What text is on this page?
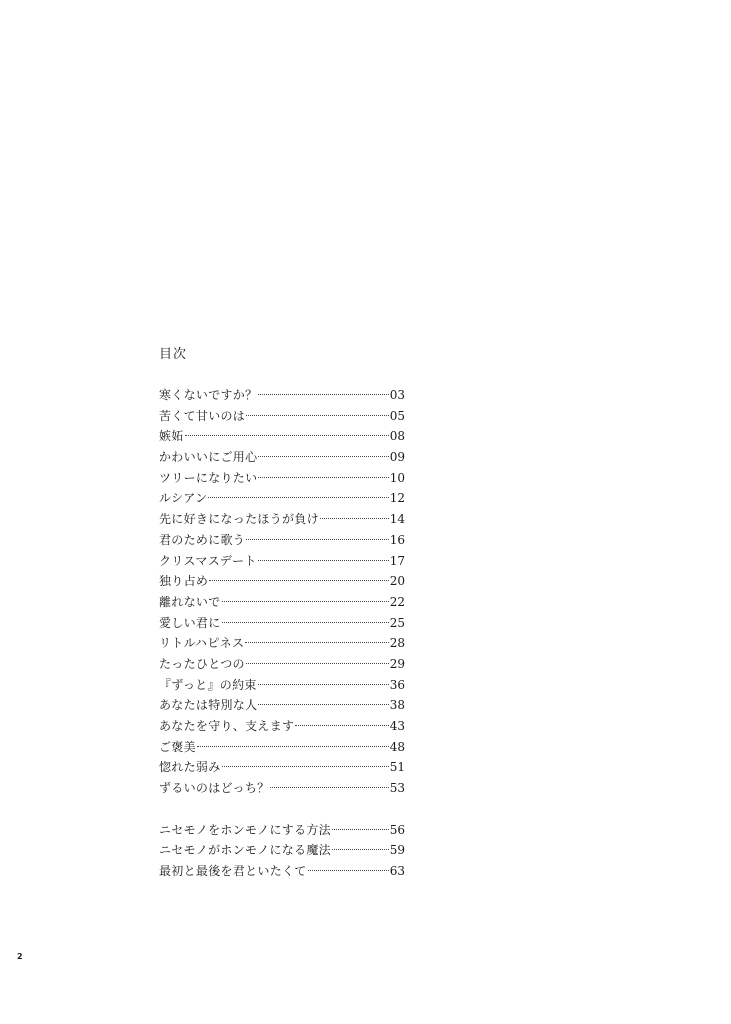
目次
寒くないですか？	03
苦くて甘いのは	05
嫉妬	08
かわいいにご用心	09
ツリーになりたい	10
ルシアン	12
先に好きになったほうが負け	14
君のために歌う	16
クリスマスデート	17
独り占め	20
離れないで	22
愛しい君に	25
リトルハピネス	28
たったひとつの	29
『ずっと』の約束	36
あなたは特別な人	38
あなたを守り、支えます	43
ご褒美	48
惚れた弱み	51
ずるいのはどっち？	53
ニセモノをホンモノにする方法	56
ニセモノがホンモノになる魔法	59
最初と最後を君といたくて	63
2
